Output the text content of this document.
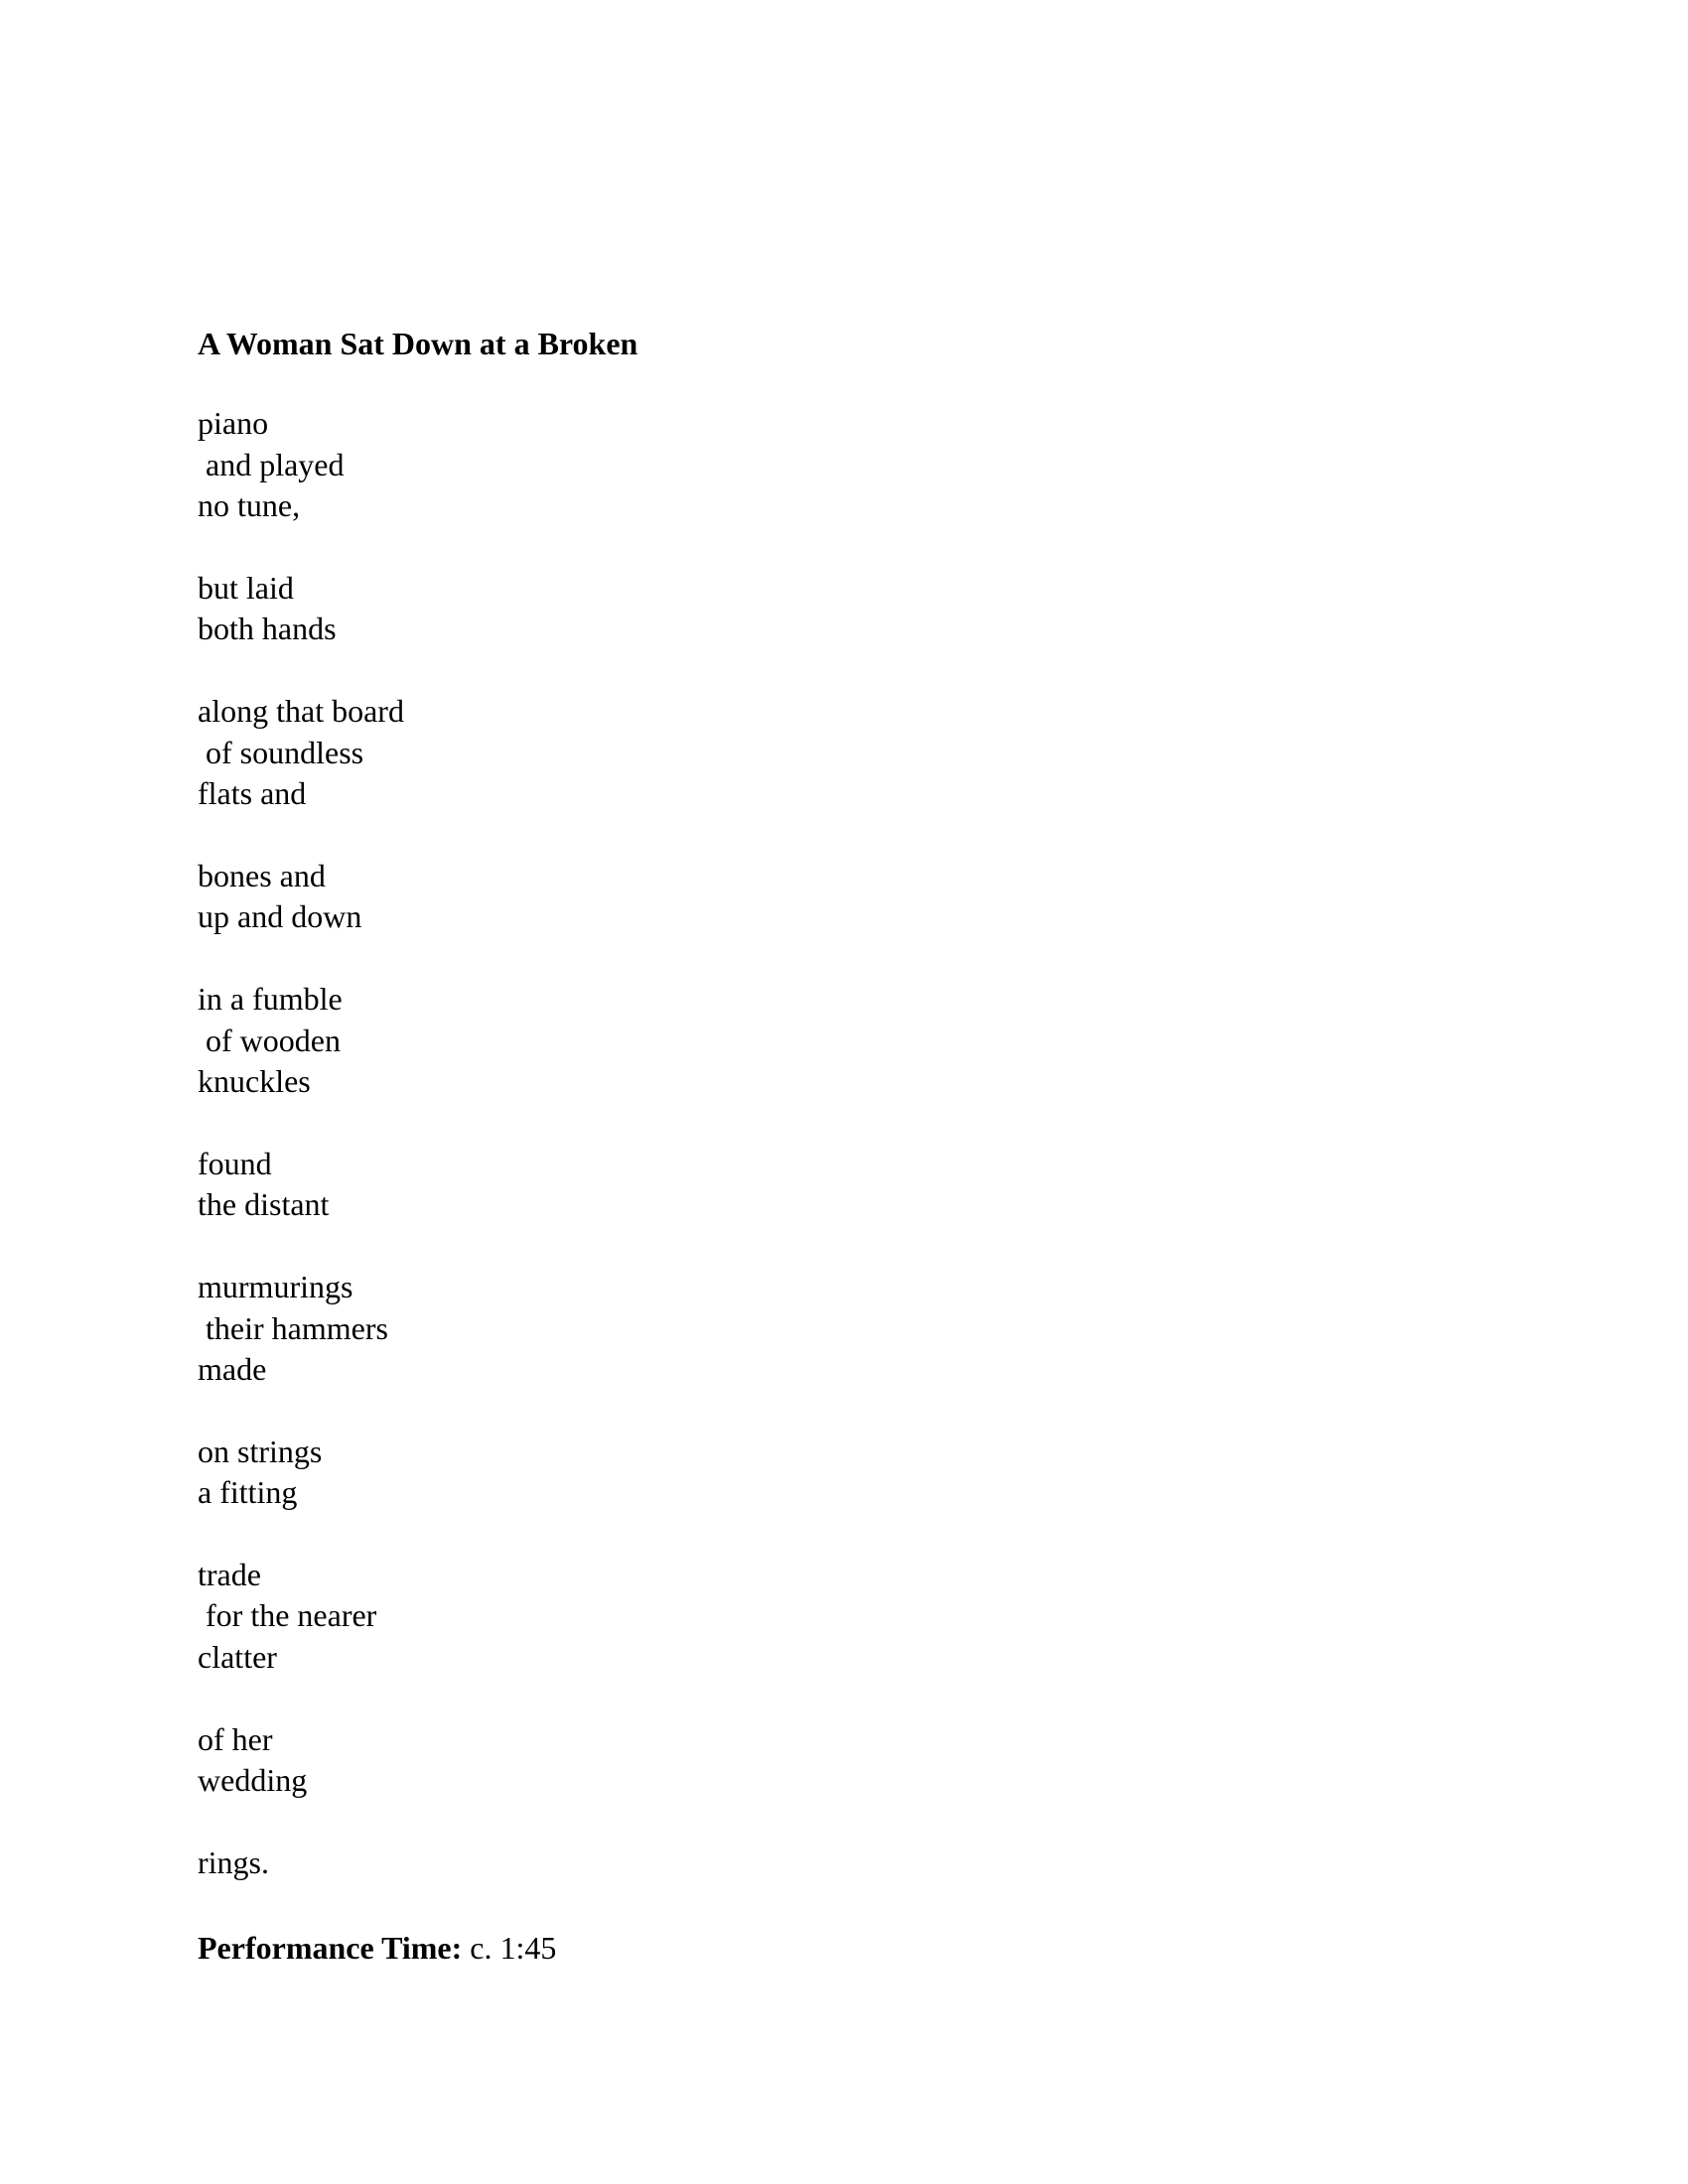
A Woman Sat Down at a Broken
piano
and played
no tune,
but laid
both hands
along that board
of soundless
flats and
bones and
up and down
in a fumble
of wooden
knuckles
found
the distant
murmurings
their hammers
made
on strings
a fitting
trade
for the nearer
clatter
of her
wedding
rings.
Performance Time: c. 1:45
